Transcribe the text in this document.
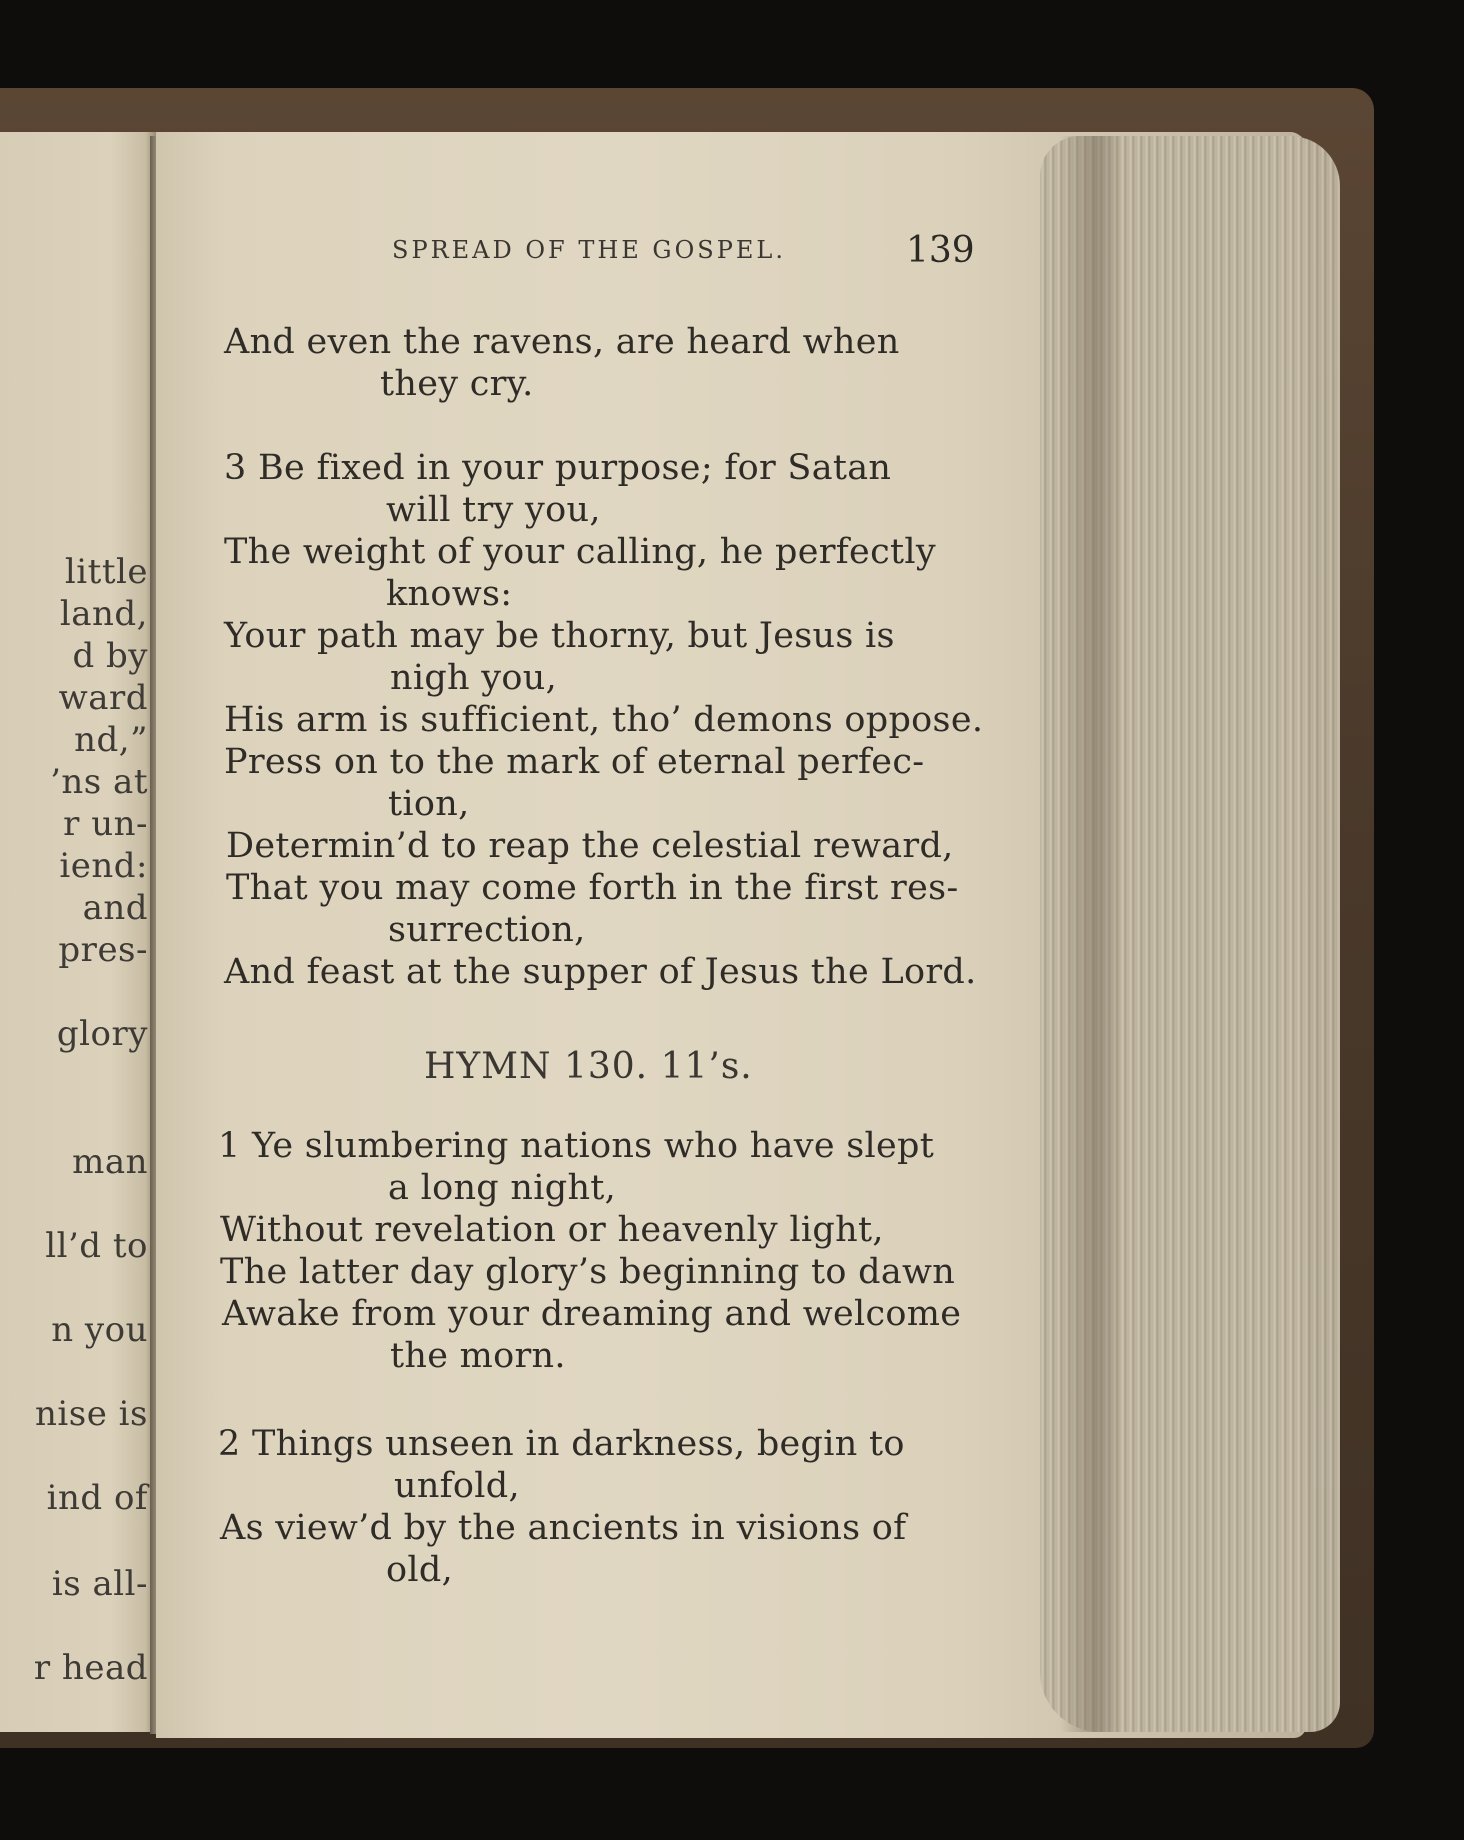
little
land,
d by
ward
nd,”
’ns at
r un-
iend:
and
pres-
glory
man
ll’d to
n you
nise is
ind of
is all-
r head
SPREAD OF THE GOSPEL.	139
And even the ravens, are heard when
they cry.
3 Be fixed in your purpose; for Satan
will try you,
The weight of your calling, he perfectly
knows:
Your path may be thorny, but Jesus is
nigh you,
His arm is sufficient, tho’ demons oppose.
Press on to the mark of eternal perfec-
tion,
Determin’d to reap the celestial reward,
That you may come forth in the first res-
surrection,
And feast at the supper of Jesus the Lord.
HYMN 130. 11’s.
1 Ye slumbering nations who have slept
a long night,
Without revelation or heavenly light,
The latter day glory’s beginning to dawn
Awake from your dreaming and welcome
the morn.
2 Things unseen in darkness, begin to
unfold,
As view’d by the ancients in visions of
old,
